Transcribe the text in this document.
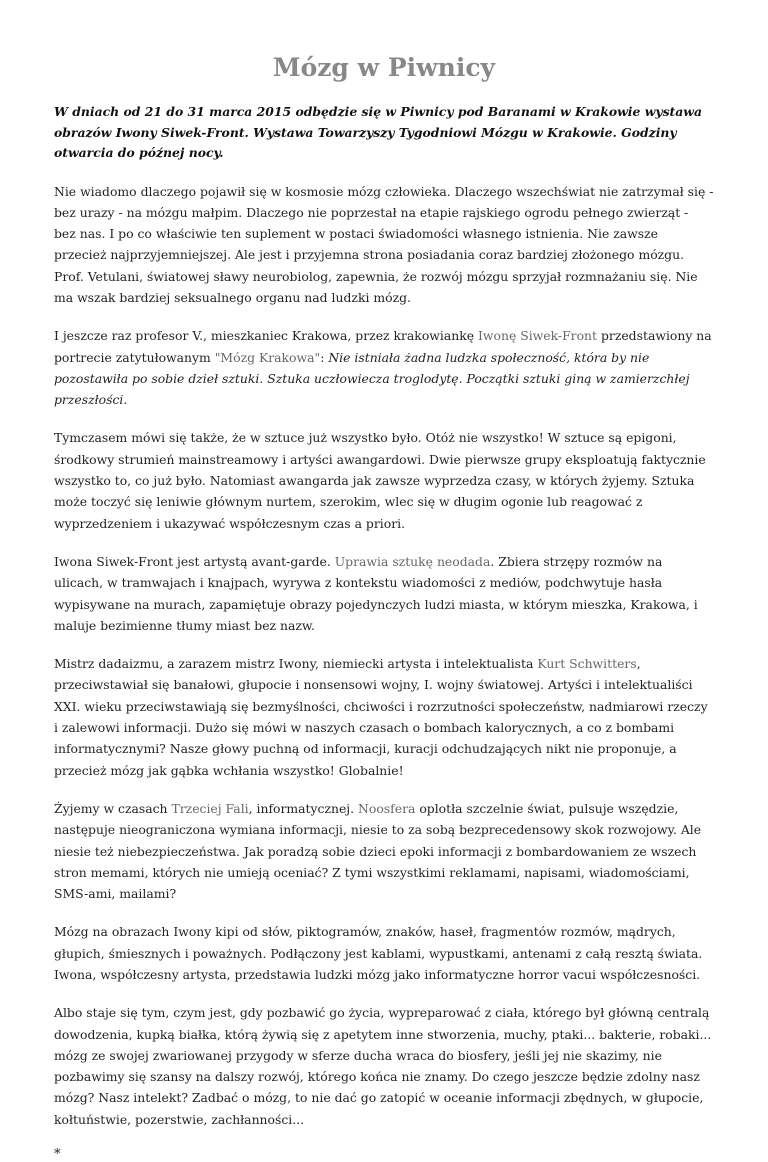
Mózg w Piwnicy

W dniach od 21 do 31 marca 2015 odbędzie się w Piwnicy pod Baranami w Krakowie wystawa obrazów Iwony Siwek-Front. Wystawa Towarzyszy Tygodniowi Mózgu w Krakowie. Godziny otwarcia do późnej nocy.

Nie wiadomo dlaczego pojawił się w kosmosie mózg człowieka. Dlaczego wszechświat nie zatrzymał się - bez urazy - na mózgu małpim. Dlaczego nie poprzestał na etapie rajskiego ogrodu pełnego zwierząt - bez nas. I po co właściwie ten suplement w postaci świadomości własnego istnienia. Nie zawsze przecież najprzyjemniejszej. Ale jest i przyjemna strona posiadania coraz bardziej złożonego mózgu. Prof. Vetulani, światowej sławy neurobiolog, zapewnia, że rozwój mózgu sprzyjał rozmnażaniu się. Nie ma wszak bardziej seksualnego organu nad ludzki mózg.

I jeszcze raz profesor V., mieszkaniec Krakowa, przez krakowiankę Iwonę Siwek-Front przedstawiony na portrecie zatytułowanym "Mózg Krakowa": Nie istniała żadna ludzka społeczność, która by nie pozostawiła po sobie dzieł sztuki. Sztuka uczłowiecza troglodytę. Początki sztuki giną w zamierzchłej przeszłości.

Tymczasem mówi się także, że w sztuce już wszystko było. Otóż nie wszystko! W sztuce są epigoni, środkowy strumień mainstreamowy i artyści awangardowi. Dwie pierwsze grupy eksploatują faktycznie wszystko to, co już było. Natomiast awangarda jak zawsze wyprzedza czasy, w których żyjemy. Sztuka może toczyć się leniwie głównym nurtem, szerokim, wlec się w długim ogonie lub reagować z wyprzedzeniem i ukazywać współczesnym czas a priori.

Iwona Siwek-Front jest artystą avant-garde. Uprawia sztukę neodada. Zbiera strzępy rozmów na ulicach, w tramwajach i knajpach, wyrywa z kontekstu wiadomości z mediów, podchwytuje hasła wypisywane na murach, zapamiętuje obrazy pojedynczych ludzi miasta, w którym mieszka, Krakowa, i maluje bezimienne tłumy miast bez nazw.

Mistrz dadaizmu, a zarazem mistrz Iwony, niemiecki artysta i intelektualista Kurt Schwitters, przeciwstawiał się banałowi, głupocie i nonsensowi wojny, I. wojny światowej. Artyści i intelektualiści XXI. wieku przeciwstawiają się bezmyślności, chciwości i rozrzutności społeczeństw, nadmiarowi rzeczy i zalewowi informacji. Dużo się mówi w naszych czasach o bombach kalorycznych, a co z bombami informatycznymi? Nasze głowy puchną od informacji, kuracji odchudzających nikt nie proponuje, a przecież mózg jak gąbka wchłania wszystko! Globalnie!

Żyjemy w czasach Trzeciej Fali, informatycznej. Noosfera oplotła szczelnie świat, pulsuje wszędzie, następuje nieograniczona wymiana informacji, niesie to za sobą bezprecedensowy skok rozwojowy. Ale niesie też niebezpieczeństwa. Jak poradzą sobie dzieci epoki informacji z bombardowaniem ze wszech stron memami, których nie umieją oceniać? Z tymi wszystkimi reklamami, napisami, wiadomościami, SMS-ami, mailami?

Mózg na obrazach Iwony kipi od słów, piktogramów, znaków, haseł, fragmentów rozmów, mądrych, głupich, śmiesznych i poważnych. Podłączony jest kablami, wypustkami, antenami z całą resztą świata. Iwona, współczesny artysta, przedstawia ludzki mózg jako informatyczne horror vacui współczesności.

Albo staje się tym, czym jest, gdy pozbawić go życia, wypreparować z ciała, którego był główną centralą dowodzenia, kupką białka, którą żywią się z apetytem inne stworzenia, muchy, ptaki... bakterie, robaki... mózg ze swojej zwariowanej przygody w sferze ducha wraca do biosfery, jeśli jej nie skazimy, nie pozbawimy się szansy na dalszy rozwój, którego końca nie znamy. Do czego jeszcze będzie zdolny nasz mózg? Nasz intelekt? Zadbać o mózg, to nie dać go zatopić w oceanie informacji zbędnych, w głupocie, kołtuństwie, pozerstwie, zachłanności...

*
